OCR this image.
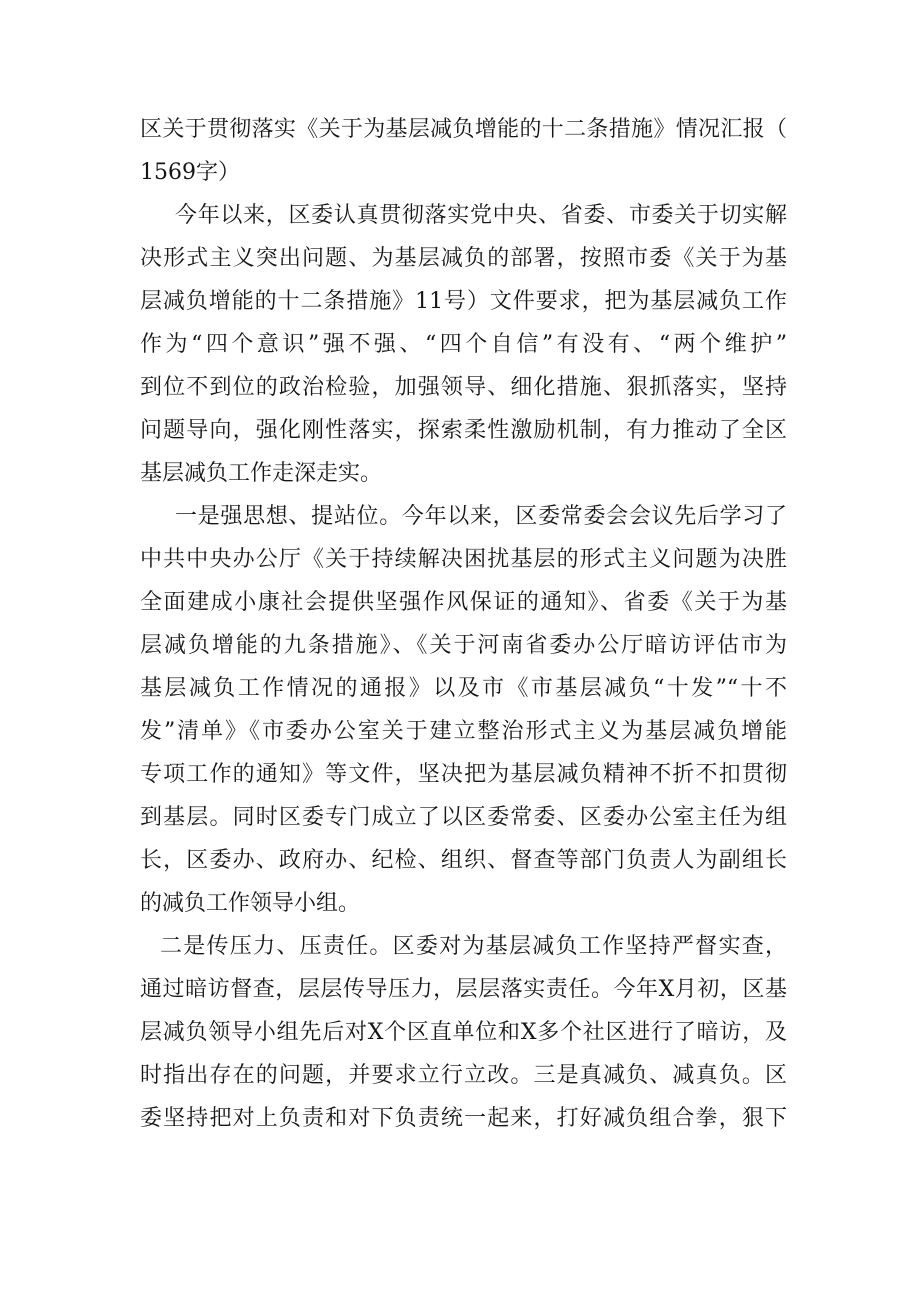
区关于贯彻落实《关于为基层减负增能的十二条措施》情况汇报（
1569字）
今年以来，区委认真贯彻落实党中央、省委、市委关于切实解
决形式主义突出问题、为基层减负的部署，按照市委《关于为基
层减负增能的十二条措施》11号）文件要求，把为基层减负工作
作为“四个意识”强不强、“四个自信”有没有、“两个维护”
到位不到位的政治检验，加强领导、细化措施、狠抓落实，坚持
问题导向，强化刚性落实，探索柔性激励机制，有力推动了全区
基层减负工作走深走实。
一是强思想、提站位。今年以来，区委常委会会议先后学习了
中共中央办公厅《关于持续解决困扰基层的形式主义问题为决胜
全面建成小康社会提供坚强作风保证的通知》、省委《关于为基
层减负增能的九条措施》、《关于河南省委办公厅暗访评估市为
基层减负工作情况的通报》以及市《市基层减负“十发”“十不
发”清单》《市委办公室关于建立整治形式主义为基层减负增能
专项工作的通知》等文件，坚决把为基层减负精神不折不扣贯彻
到基层。同时区委专门成立了以区委常委、区委办公室主任为组
长，区委办、政府办、纪检、组织、督查等部门负责人为副组长
的减负工作领导小组。
二是传压力、压责任。区委对为基层减负工作坚持严督实查，
通过暗访督查，层层传导压力，层层落实责任。今年X月初，区基
层减负领导小组先后对X个区直单位和X多个社区进行了暗访，及
时指出存在的问题，并要求立行立改。三是真减负、减真负。区
委坚持把对上负责和对下负责统一起来，打好减负组合拳，狠下
